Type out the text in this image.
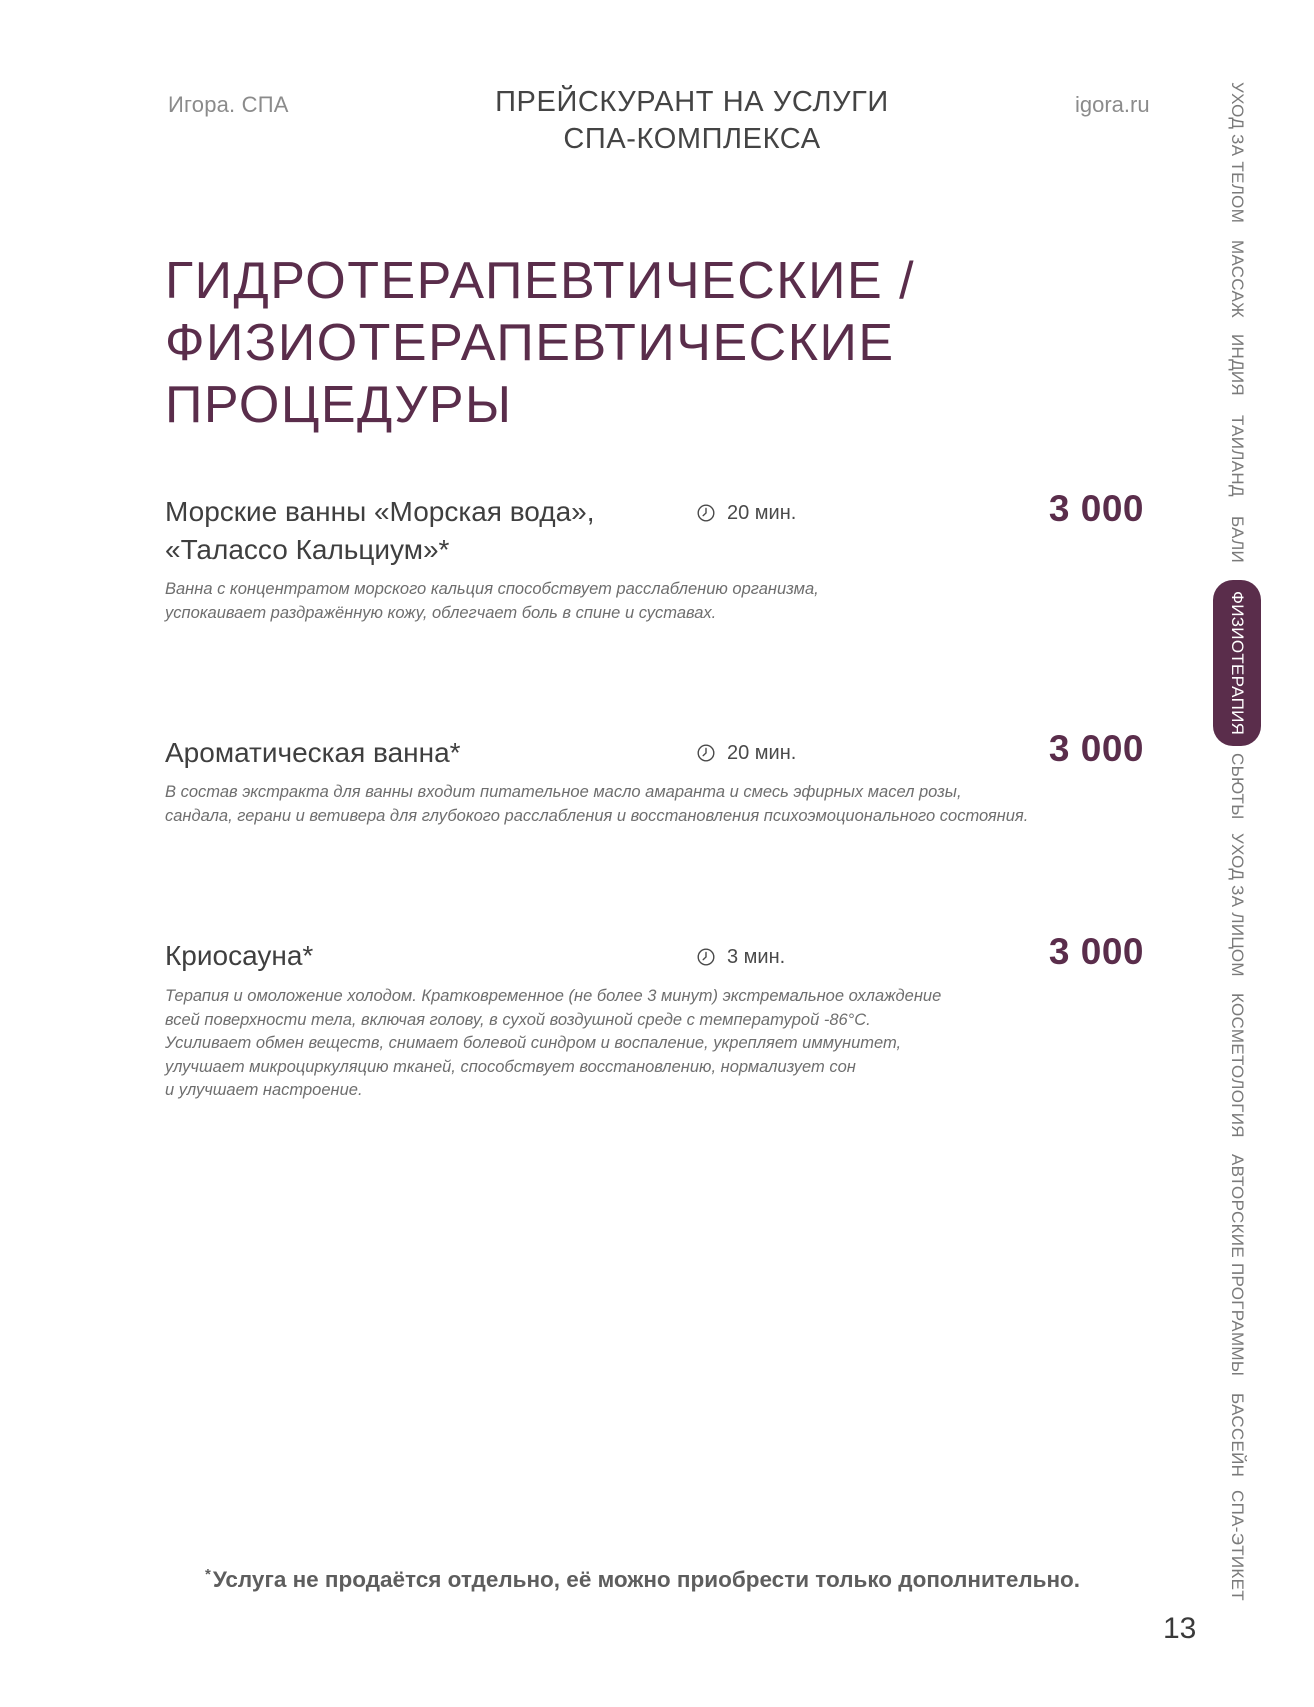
Игора. СПА	ПРЕЙСКУРАНТ НА УСЛУГИ
СПА-КОМПЛЕКСА
igora.ru
ГИДРОТЕРАПЕВТИЧЕСКИЕ /
ФИЗИОТЕРАПЕВТИЧЕСКИЕ
ПРОЦЕДУРЫ
Морские ванны «Морская вода»,
«Талассо Кальциум»*
20 мин.	3 000
Ванна с концентратом морского кальция способствует расслаблению организма,
успокаивает раздражённую кожу, облегчает боль в спине и суставах.
Ароматическая ванна*	20 мин.	3 000
В состав экстракта для ванны входит питательное масло амаранта и смесь эфирных масел розы,
сандала, герани и ветивера для глубокого расслабления и восстановления психоэмоционального состояния.
Криосауна*	3 мин.	3 000
Терапия и омоложение холодом. Кратковременное (не более 3 минут) экстремальное охлаждение
всей поверхности тела, включая голову, в сухой воздушной среде с температурой -86°С.
Усиливает обмен веществ, снимает болевой синдром и воспаление, укрепляет иммунитет,
улучшает микроциркуляцию тканей, способствует восстановлению, нормализует сон
и улучшает настроение.
*Услуга не продаётся отдельно, её можно приобрести только дополнительно.
13
УХОД ЗА ТЕЛОМ
МАССАЖ
ИНДИЯ
ТАИЛАНД
БАЛИ
ФИЗИОТЕРАПИЯ
СЬЮТЫ
УХОД ЗА ЛИЦОМ
КОСМЕТОЛОГИЯ
АВТОРСКИЕ ПРОГРАММЫ
БАССЕЙН
СПА-ЭТИКЕТ
